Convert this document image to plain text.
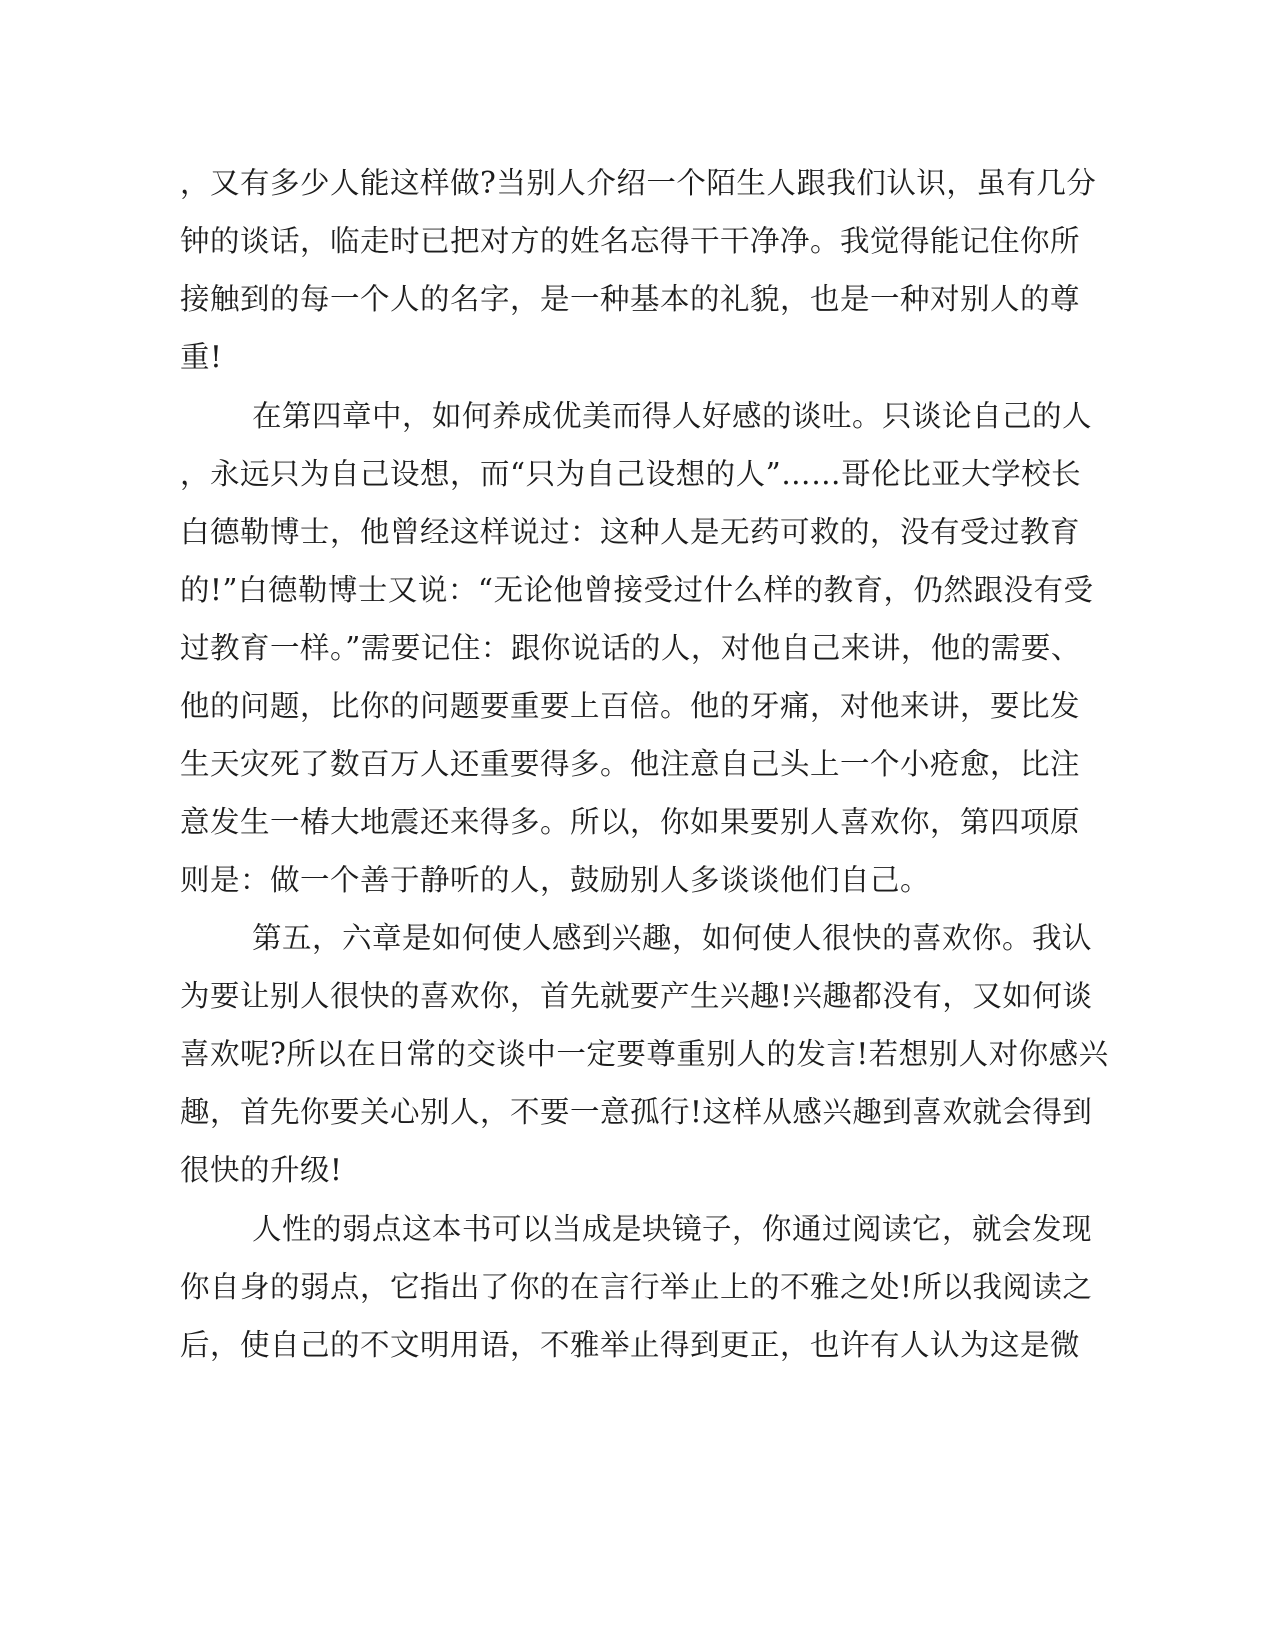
，又有多少人能这样做?当别人介绍一个陌生人跟我们认识，虽有几分

钟的谈话，临走时已把对方的姓名忘得干干净净。我觉得能记住你所

接触到的每一个人的名字，是一种基本的礼貌，也是一种对别人的尊

重!

在第四章中，如何养成优美而得人好感的谈吐。只谈论自己的人

，永远只为自己设想，而“只为自己设想的人”……哥伦比亚大学校长

白德勒博士，他曾经这样说过：这种人是无药可救的，没有受过教育

的!”白德勒博士又说：“无论他曾接受过什么样的教育，仍然跟没有受

过教育一样。”需要记住：跟你说话的人，对他自己来讲，他的需要、

他的问题，比你的问题要重要上百倍。他的牙痛，对他来讲，要比发

生天灾死了数百万人还重要得多。他注意自己头上一个小疮愈，比注

意发生一椿大地震还来得多。所以，你如果要别人喜欢你，第四项原

则是：做一个善于静听的人，鼓励别人多谈谈他们自己。

第五，六章是如何使人感到兴趣，如何使人很快的喜欢你。我认

为要让别人很快的喜欢你，首先就要产生兴趣!兴趣都没有，又如何谈

喜欢呢?所以在日常的交谈中一定要尊重别人的发言!若想别人对你感兴

趣，首先你要关心别人，不要一意孤行!这样从感兴趣到喜欢就会得到

很快的升级!

人性的弱点这本书可以当成是块镜子，你通过阅读它，就会发现

你自身的弱点，它指出了你的在言行举止上的不雅之处!所以我阅读之

后，使自己的不文明用语，不雅举止得到更正，也许有人认为这是微
